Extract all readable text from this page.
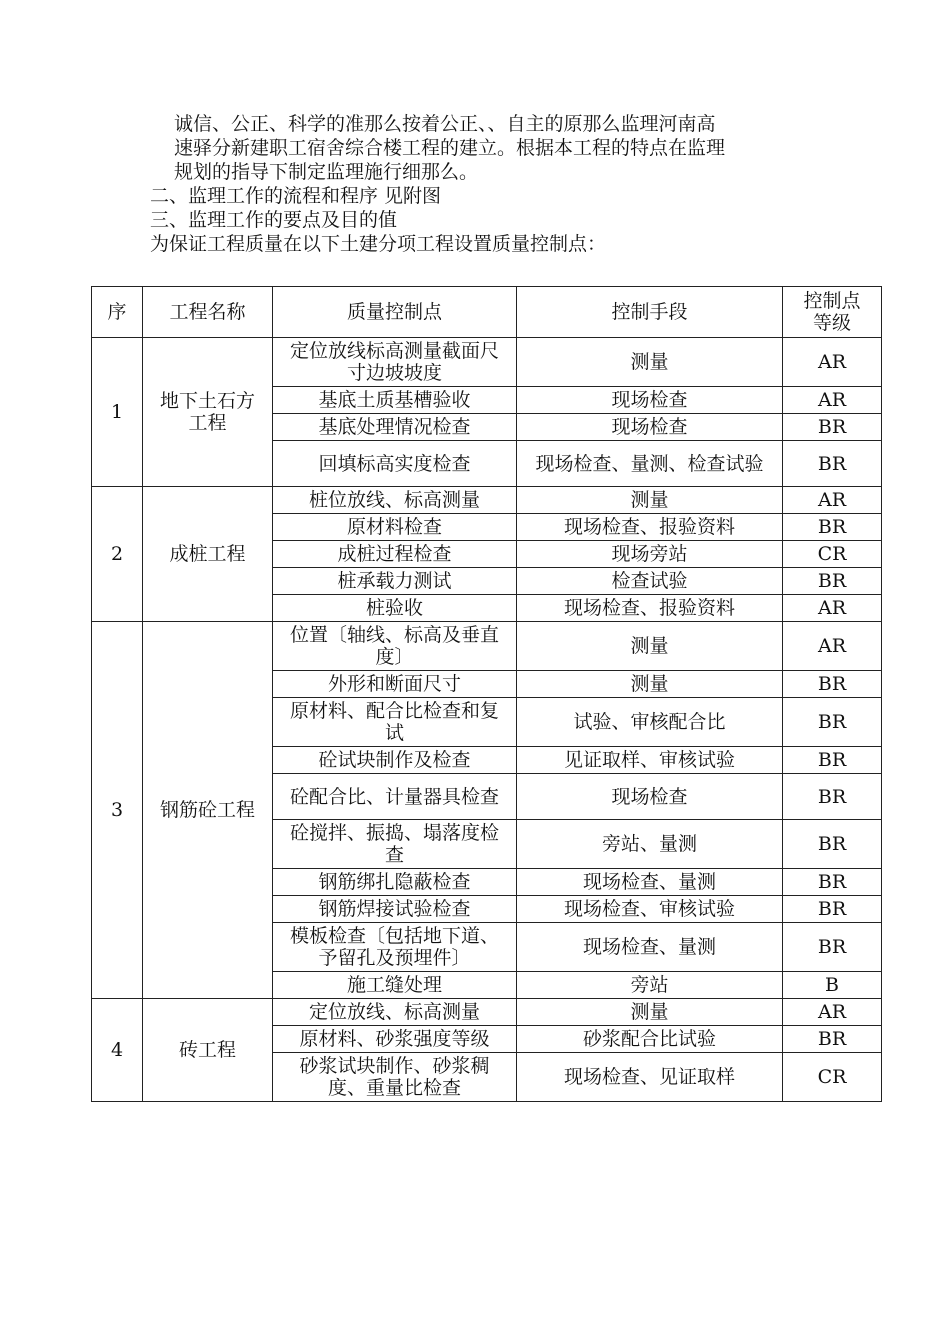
诚信、公正、科学的准那么按着公正、、自主的原那么监理河南高
速驿分新建职工宿舍综合楼工程的建立。根据本工程的特点在监理
规划的指导下制定监理施行细那么。
二、监理工作的流程和程序 见附图
三、监理工作的要点及目的值
为保证工程质量在以下土建分项工程设置质量控制点：
序	工程名称	质量控制点	控制手段	控制点等级
1	地下土石方工程	定位放线标高测量截面尺寸边坡坡度	测量	AR
		基底土质基槽验收	现场检查	AR
		基底处理情况检查	现场检查	BR
		回填标高实度检查	现场检查、量测、检查试验	BR
2	成桩工程	桩位放线、标高测量	测量	AR
		原材料检查	现场检查、报验资料	BR
		成桩过程检查	现场旁站	CR
		桩承载力测试	检查试验	BR
		桩验收	现场检查、报验资料	AR
3	钢筋砼工程	位置〔轴线、标高及垂直度〕	测量	AR
		外形和断面尺寸	测量	BR
		原材料、配合比检查和复试	试验、审核配合比	BR
		砼试块制作及检查	见证取样、审核试验	BR
		砼配合比、计量器具检查	现场检查	BR
		砼搅拌、振捣、塌落度检查	旁站、量测	BR
		钢筋绑扎隐蔽检查	现场检查、量测	BR
		钢筋焊接试验检查	现场检查、审核试验	BR
		模板检查〔包括地下道、予留孔及预埋件〕	现场检查、量测	BR
		施工缝处理	旁站	B
4	砖工程	定位放线、标高测量	测量	AR
		原材料、砂浆强度等级	砂浆配合比试验	BR
		砂浆试块制作、砂浆稠度、重量比检查	现场检查、见证取样	CR
